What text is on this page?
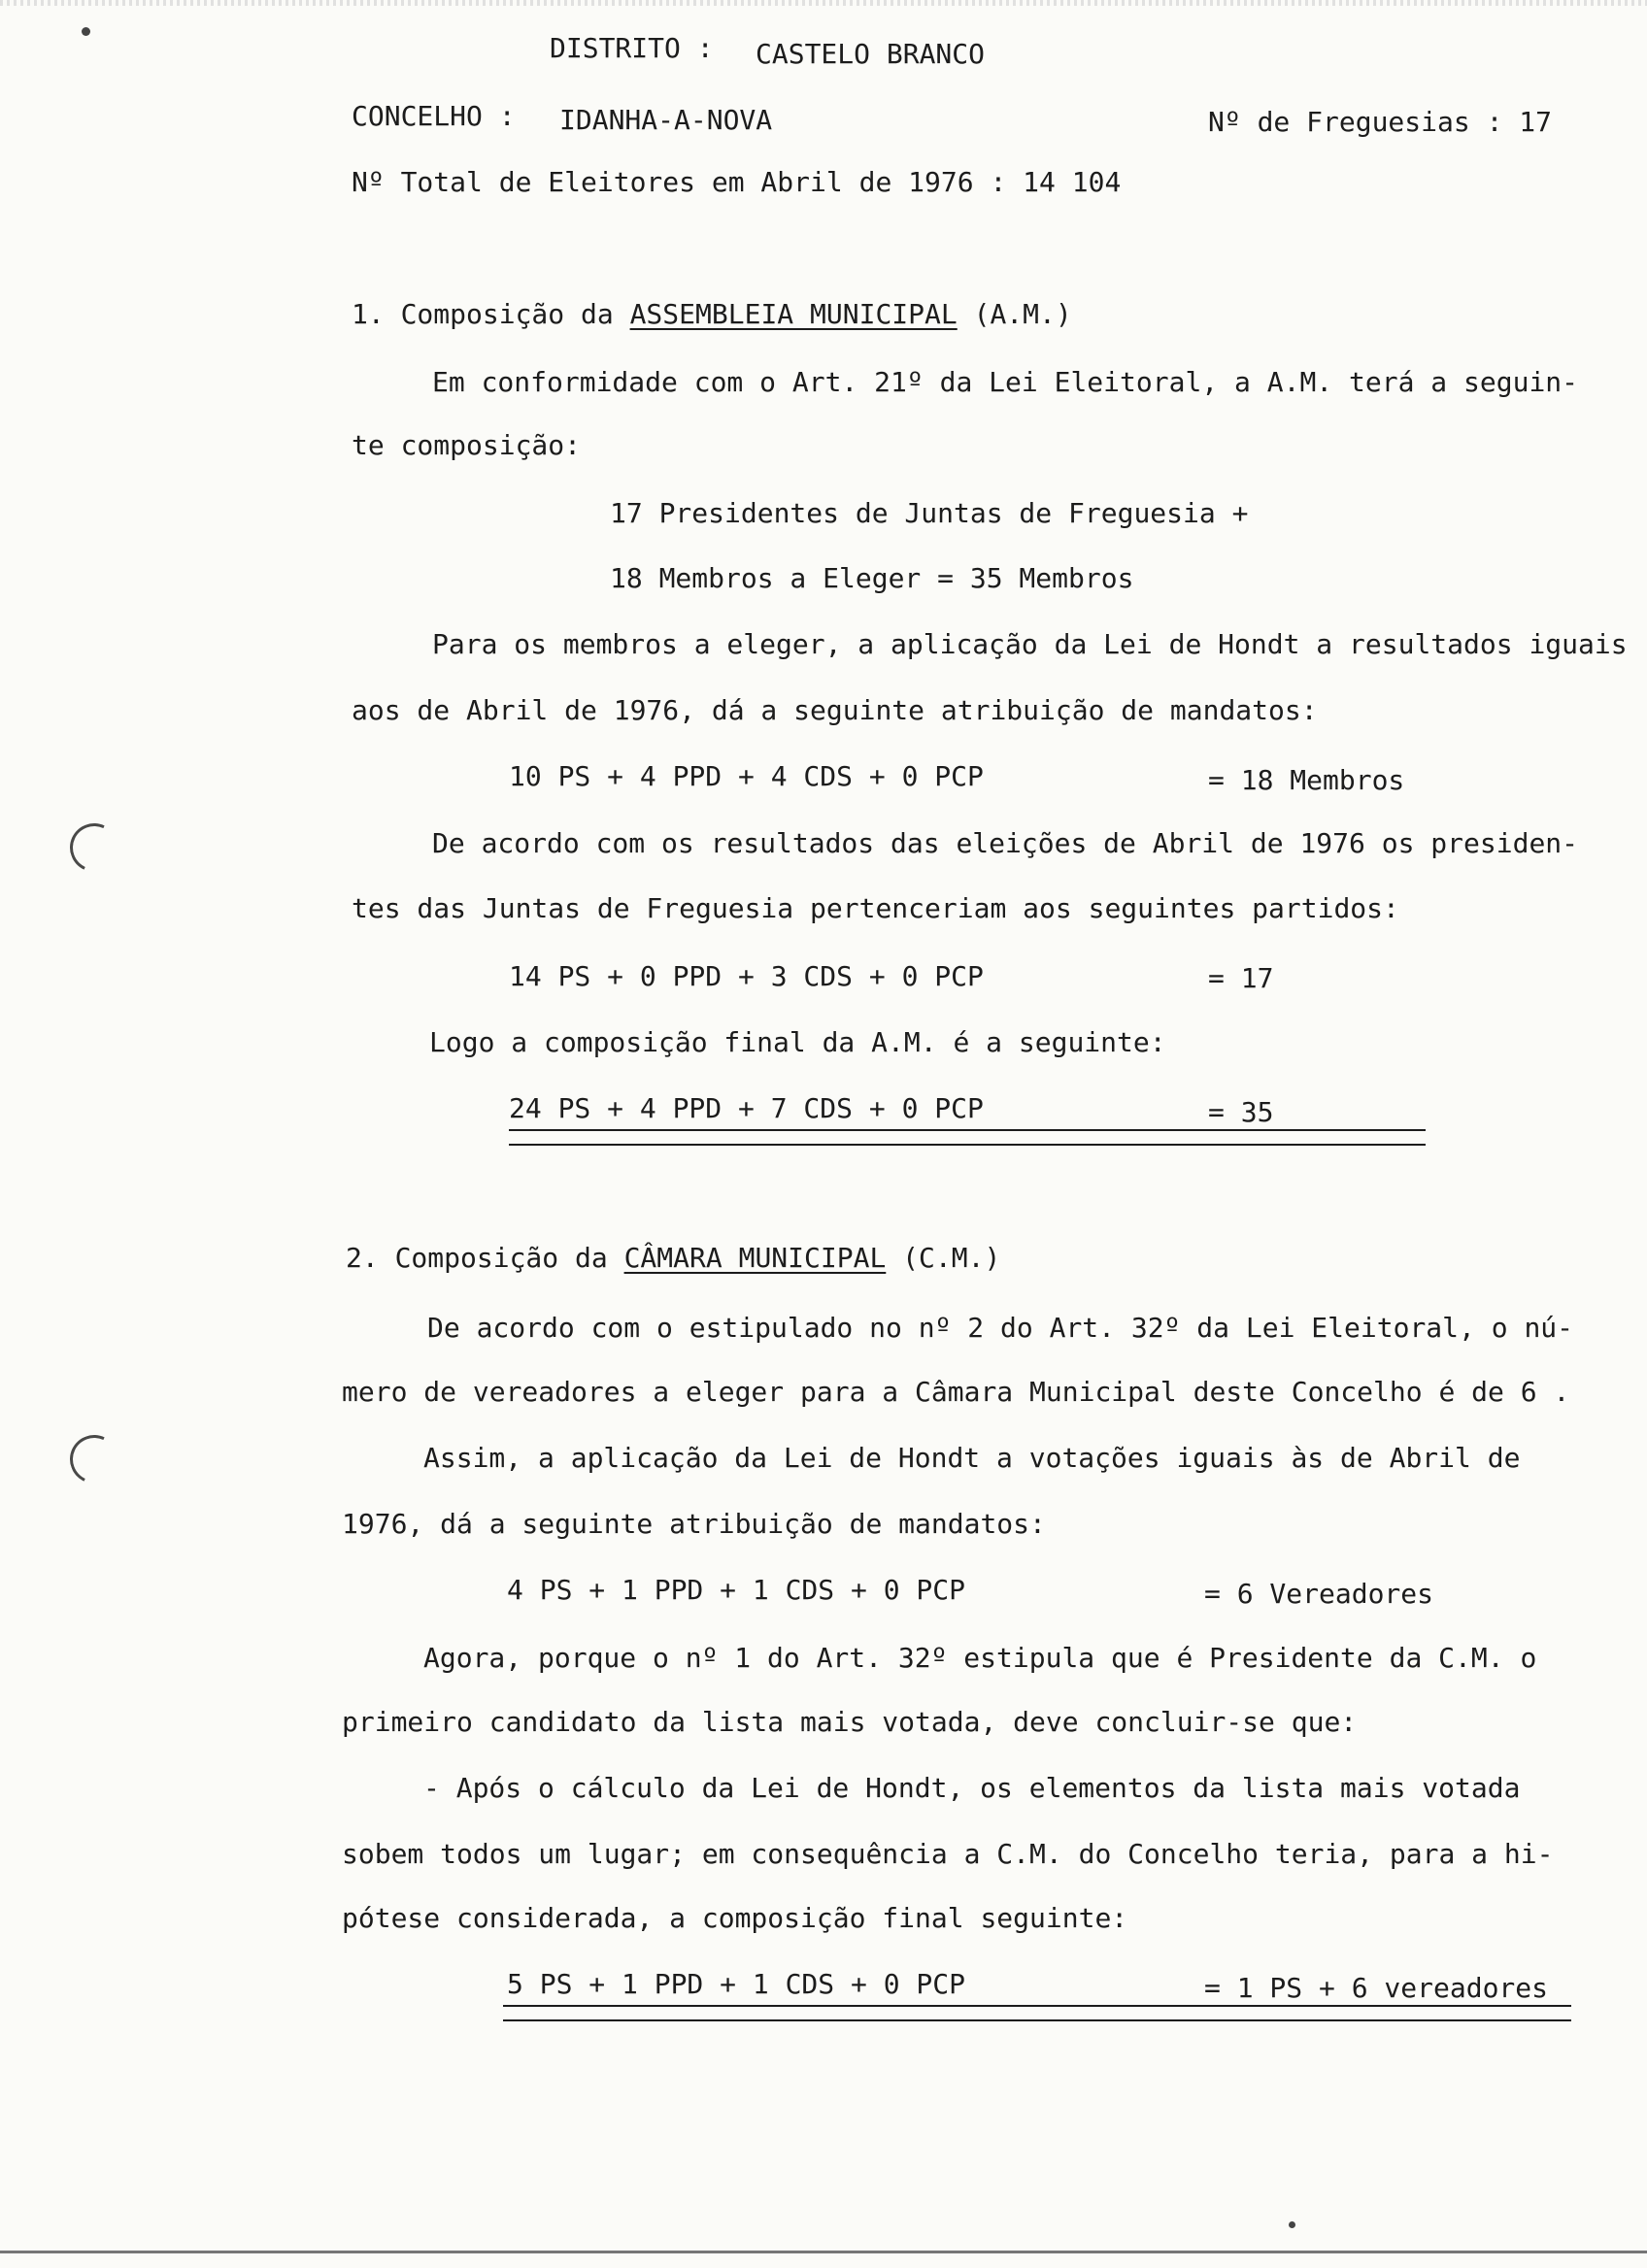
DISTRITO : CASTELO BRANCO
CONCELHO : IDANHA-A-NOVA	Nº de Freguesias : 17
Nº Total de Eleitores em Abril de 1976 : 14 104
1. Composição da ASSEMBLEIA MUNICIPAL (A.M.)
Em conformidade com o Art. 21º da Lei Eleitoral, a A.M. terá a seguin-
te composição:
17 Presidentes de Juntas de Freguesia +
18 Membros a Eleger = 35 Membros
Para os membros a eleger, a aplicação da Lei de Hondt a resultados iguais
aos de Abril de 1976, dá a seguinte atribuição de mandatos:
10 PS + 4 PPD + 4 CDS + 0 PCP	= 18 Membros
De acordo com os resultados das eleições de Abril de 1976 os presiden-
tes das Juntas de Freguesia pertenceriam aos seguintes partidos:
14 PS + 0 PPD + 3 CDS + 0 PCP	= 17
Logo a composição final da A.M. é a seguinte:
24 PS + 4 PPD + 7 CDS + 0 PCP	= 35
2. Composição da CÂMARA MUNICIPAL (C.M.)
De acordo com o estipulado no nº 2 do Art. 32º da Lei Eleitoral, o nú-
mero de vereadores a eleger para a Câmara Municipal deste Concelho é de 6 .
Assim, a aplicação da Lei de Hondt a votações iguais às de Abril de
1976, dá a seguinte atribuição de mandatos:
4 PS + 1 PPD + 1 CDS + 0 PCP	= 6 Vereadores
Agora, porque o nº 1 do Art. 32º estipula que é Presidente da C.M. o
primeiro candidato da lista mais votada, deve concluir-se que:
- Após o cálculo da Lei de Hondt, os elementos da lista mais votada
sobem todos um lugar; em consequência a C.M. do Concelho teria, para a hi-
pótese considerada, a composição final seguinte:
5 PS + 1 PPD + 1 CDS + 0 PCP	= 1 PS + 6 vereadores
